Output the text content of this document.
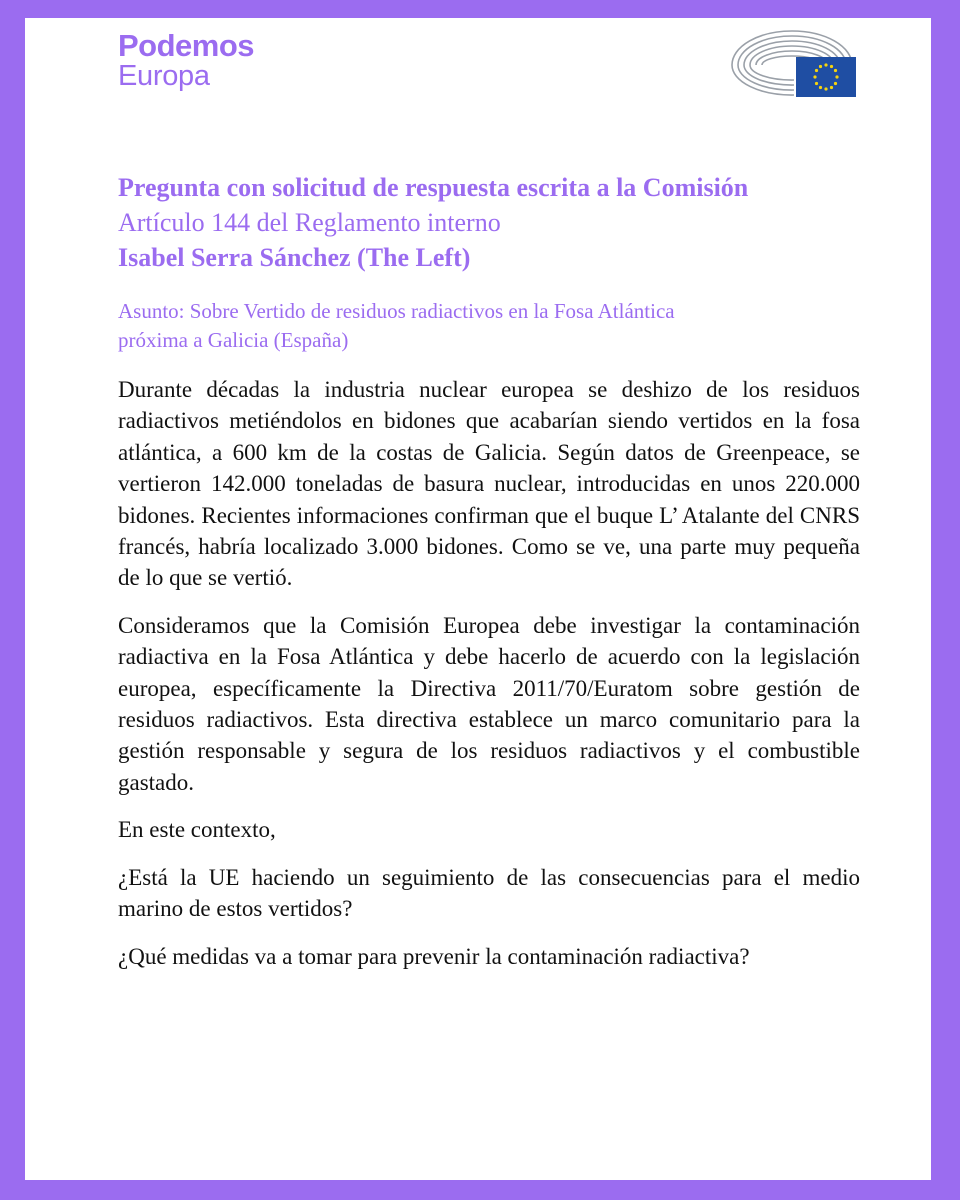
Podemos
Europa
Pregunta con solicitud de respuesta escrita a la Comisión
Artículo 144 del Reglamento interno
Isabel Serra Sánchez (The Left)
Asunto: Sobre Vertido de residuos radiactivos en la Fosa Atlántica
próxima a Galicia (España)

Durante décadas la industria nuclear europea se deshizo de los residuos radiactivos metiéndolos en bidones que acabarían siendo vertidos en la fosa atlántica, a 600 km de la costas de Galicia. Según datos de Greenpeace, se vertieron 142.000 toneladas de basura nuclear, introducidas en unos 220.000 bidones. Recientes informaciones confirman que el buque L’ Atalante del CNRS francés, habría localizado 3.000 bidones. Como se ve, una parte muy pequeña de lo que se vertió.

Consideramos que la Comisión Europea debe investigar la contaminación radiactiva en la Fosa Atlántica y debe hacerlo de acuerdo con la legislación europea, específicamente la Directiva 2011/70/Euratom sobre gestión de residuos radiactivos. Esta directiva establece un marco comunitario para la gestión responsable y segura de los residuos radiactivos y el combustible gastado.

En este contexto,

¿Está la UE haciendo un seguimiento de las consecuencias para el medio marino de estos vertidos?

¿Qué medidas va a tomar para prevenir la contaminación radiactiva?
